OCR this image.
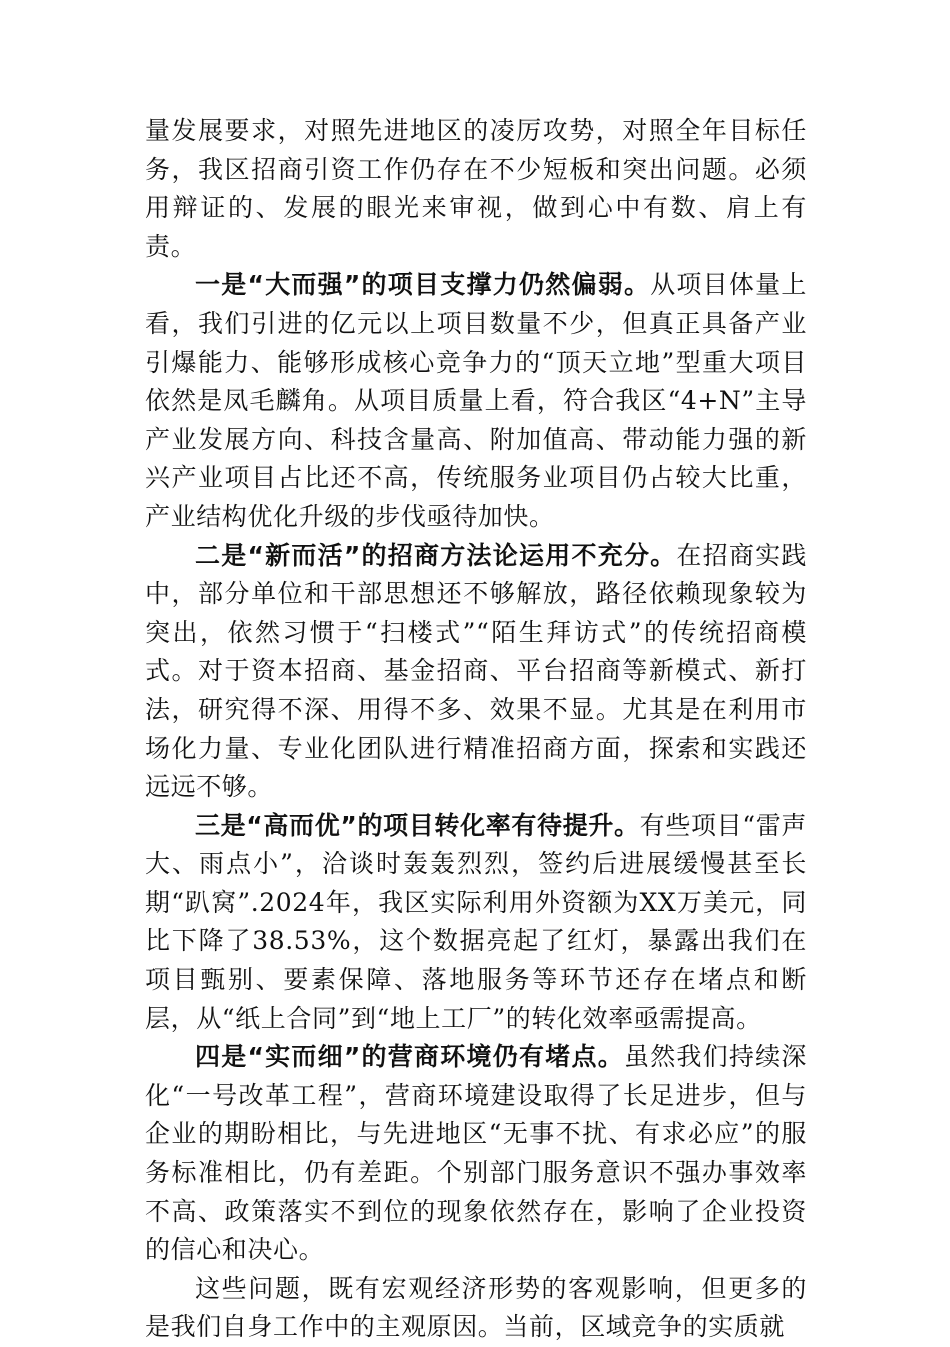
量发展要求，对照先进地区的凌厉攻势，对照全年目标任务，我区招商引资工作仍存在不少短板和突出问题。必须用辩证的、发展的眼光来审视，做到心中有数、肩上有责。

一是“大而强”的项目支撑力仍然偏弱。从项目体量上看，我们引进的亿元以上项目数量不少，但真正具备产业引爆能力、能够形成核心竞争力的“顶天立地”型重大项目依然是凤毛麟角。从项目质量上看，符合我区“4+N”主导产业发展方向、科技含量高、附加值高、带动能力强的新兴产业项目占比还不高，传统服务业项目仍占较大比重，产业结构优化升级的步伐亟待加快。

二是“新而活”的招商方法论运用不充分。在招商实践中，部分单位和干部思想还不够解放，路径依赖现象较为突出，依然习惯于“扫楼式”“陌生拜访式”的传统招商模式。对于资本招商、基金招商、平台招商等新模式、新打法，研究得不深、用得不多、效果不显。尤其是在利用市场化力量、专业化团队进行精准招商方面，探索和实践还远远不够。

三是“高而优”的项目转化率有待提升。有些项目“雷声大、雨点小”，洽谈时轰轰烈烈，签约后进展缓慢甚至长期“趴窝”.2024年，我区实际利用外资额为XX万美元，同比下降了38.53%，这个数据亮起了红灯，暴露出我们在项目甄别、要素保障、落地服务等环节还存在堵点和断层，从“纸上合同”到“地上工厂”的转化效率亟需提高。

四是“实而细”的营商环境仍有堵点。虽然我们持续深化“一号改革工程”，营商环境建设取得了长足进步，但与企业的期盼相比，与先进地区“无事不扰、有求必应”的服务标准相比，仍有差距。个别部门服务意识不强办事效率不高、政策落实不到位的现象依然存在，影响了企业投资的信心和决心。

这些问题，既有宏观经济形势的客观影响，但更多的是我们自身工作中的主观原因。当前，区域竞争的实质就
